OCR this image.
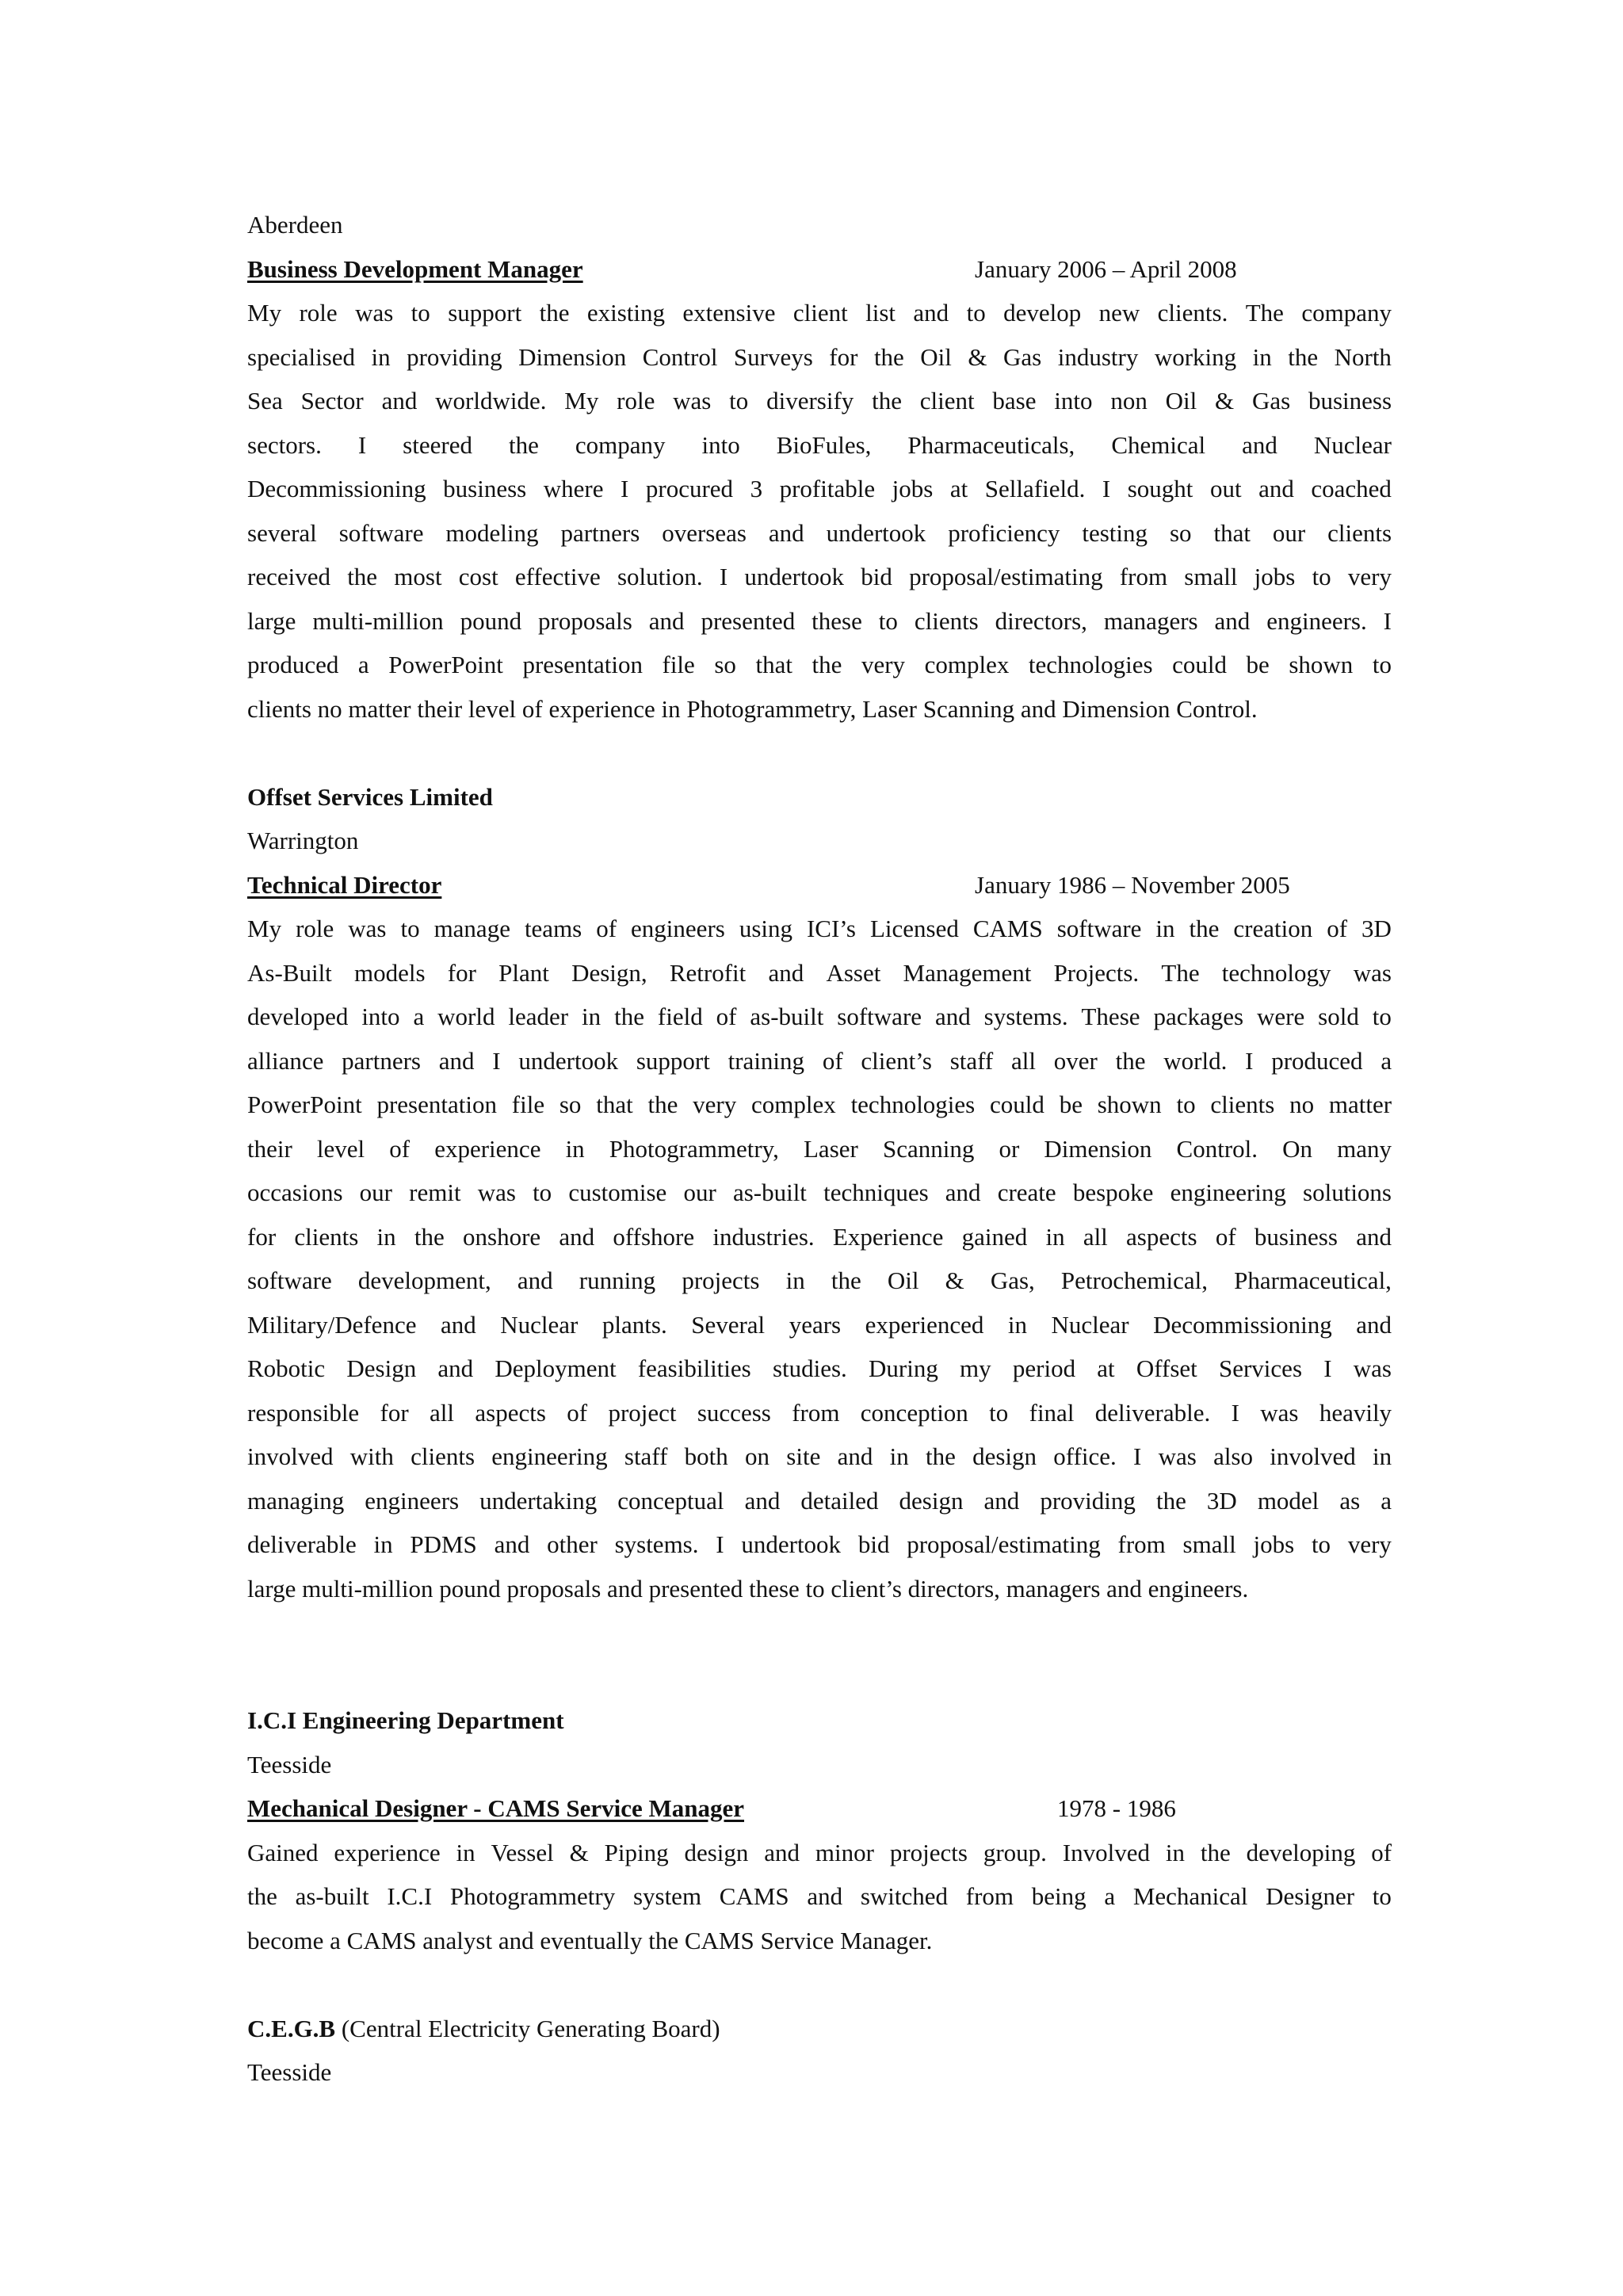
Aberdeen
Business Development Manager	January 2006 – April 2008
My role was to support the existing extensive client list and to develop new clients. The company
specialised in providing Dimension Control Surveys for the Oil & Gas industry working in the North
Sea Sector and worldwide. My role was to diversify the client base into non Oil & Gas business
sectors. I steered the company into BioFules, Pharmaceuticals, Chemical and Nuclear
Decommissioning business where I procured 3 profitable jobs at Sellafield. I sought out and coached
several software modeling partners overseas and undertook proficiency testing so that our clients
received the most cost effective solution. I undertook bid proposal/estimating from small jobs to very
large multi-million pound proposals and presented these to clients directors, managers and engineers. I
produced a PowerPoint presentation file so that the very complex technologies could be shown to
clients no matter their level of experience in Photogrammetry, Laser Scanning and Dimension Control.
Offset Services Limited
Warrington
Technical Director	January 1986 – November 2005
My role was to manage teams of engineers using ICI’s Licensed CAMS software in the creation of 3D
As-Built models for Plant Design, Retrofit and Asset Management Projects. The technology was
developed into a world leader in the field of as-built software and systems. These packages were sold to
alliance partners and I undertook support training of client’s staff all over the world. I produced a
PowerPoint presentation file so that the very complex technologies could be shown to clients no matter
their level of experience in Photogrammetry, Laser Scanning or Dimension Control. On many
occasions our remit was to customise our as-built techniques and create bespoke engineering solutions
for clients in the onshore and offshore industries. Experience gained in all aspects of business and
software development, and running projects in the Oil & Gas, Petrochemical, Pharmaceutical,
Military/Defence and Nuclear plants. Several years experienced in Nuclear Decommissioning and
Robotic Design and Deployment feasibilities studies. During my period at Offset Services I was
responsible for all aspects of project success from conception to final deliverable. I was heavily
involved with clients engineering staff both on site and in the design office. I was also involved in
managing engineers undertaking conceptual and detailed design and providing the 3D model as a
deliverable in PDMS and other systems. I undertook bid proposal/estimating from small jobs to very
large multi-million pound proposals and presented these to client’s directors, managers and engineers.
I.C.I Engineering Department
Teesside
Mechanical Designer - CAMS Service Manager	1978 - 1986
Gained experience in Vessel & Piping design and minor projects group. Involved in the developing of
the as-built I.C.I Photogrammetry system CAMS and switched from being a Mechanical Designer to
become a CAMS analyst and eventually the CAMS Service Manager.
C.E.G.B (Central Electricity Generating Board)
Teesside
